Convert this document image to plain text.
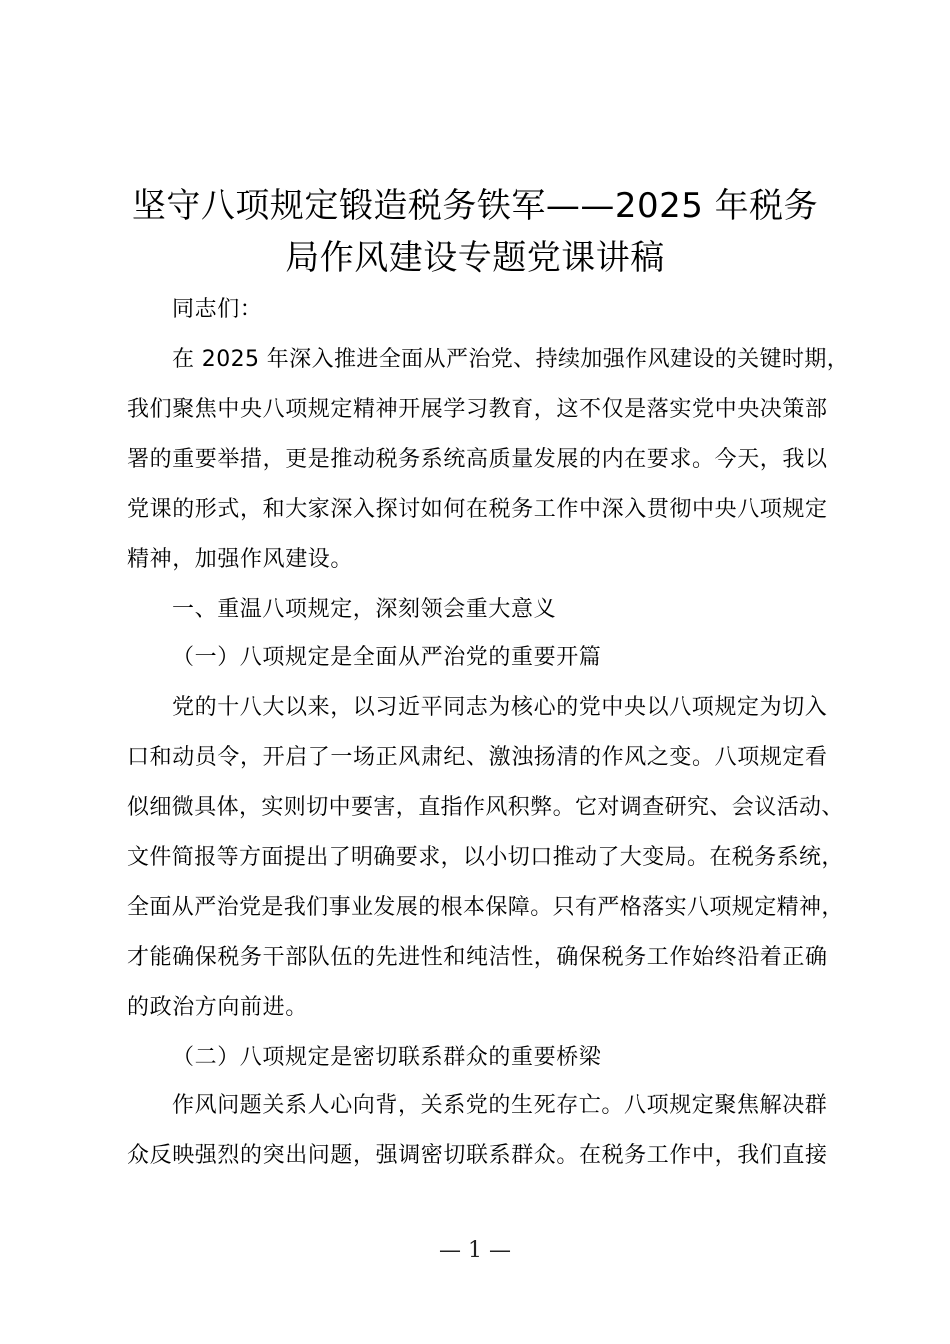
坚守八项规定锻造税务铁军——2025 年税务
局作风建设专题党课讲稿
同志们：
在 2025 年深入推进全面从严治党、持续加强作风建设的关键时期，
我们聚焦中央八项规定精神开展学习教育，这不仅是落实党中央决策部
署的重要举措，更是推动税务系统高质量发展的内在要求。今天，我以
党课的形式，和大家深入探讨如何在税务工作中深入贯彻中央八项规定
精神，加强作风建设。
一、重温八项规定，深刻领会重大意义
（一）八项规定是全面从严治党的重要开篇
党的十八大以来，以习近平同志为核心的党中央以八项规定为切入
口和动员令，开启了一场正风肃纪、激浊扬清的作风之变。八项规定看
似细微具体，实则切中要害，直指作风积弊。它对调查研究、会议活动、
文件简报等方面提出了明确要求，以小切口推动了大变局。在税务系统，
全面从严治党是我们事业发展的根本保障。只有严格落实八项规定精神，
才能确保税务干部队伍的先进性和纯洁性，确保税务工作始终沿着正确
的政治方向前进。
（二）八项规定是密切联系群众的重要桥梁
作风问题关系人心向背，关系党的生死存亡。八项规定聚焦解决群
众反映强烈的突出问题，强调密切联系群众。在税务工作中，我们直接
— 1 —
